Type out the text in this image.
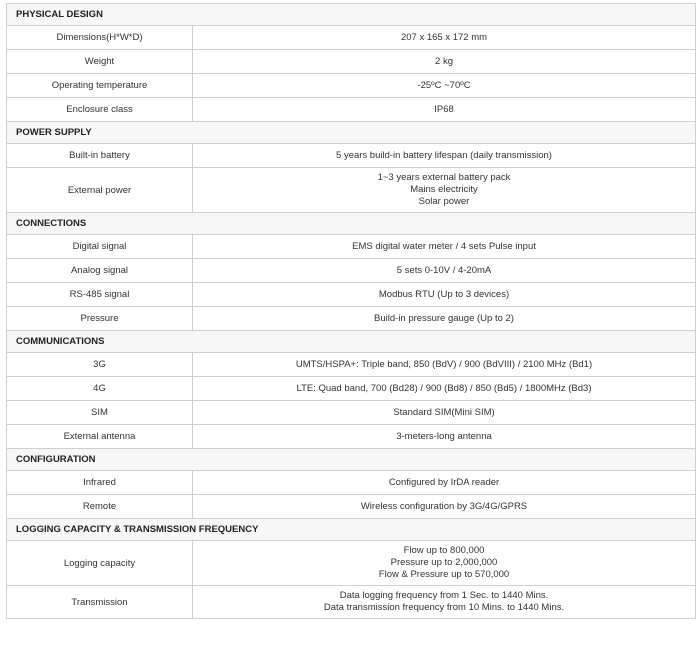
PHYSICAL DESIGN	
Dimensions(H*W*D)	207 x 165 x 172 mm

Weight	2 kg

Operating temperature	-25ºC ~70ºC

Enclosure class	IP68

POWER SUPPLY	
Built-in battery	5 years build-in battery lifespan (daily transmission)

External power	1~3 years external battery pack
Mains electricity
Solar power

CONNECTIONS	
Digital signal	EMS digital water meter / 4 sets Pulse input

Analog signal	5 sets 0-10V / 4-20mA

RS-485 signal	Modbus RTU (Up to 3 devices)

Pressure	Build-in pressure gauge (Up to 2)

COMMUNICATIONS	
3G	UMTS/HSPA+: Triple band, 850 (BdV) / 900 (BdVIII) / 2100 MHz (Bd1)

4G	LTE: Quad band, 700 (Bd28) / 900 (Bd8) / 850 (Bd5) / 1800MHz (Bd3)

SIM	Standard SIM(Mini SIM)

External antenna	3-meters-long antenna

CONFIGURATION	
Infrared	Configured by IrDA reader

Remote	Wireless configuration by 3G/4G/GPRS

LOGGING CAPACITY & TRANSMISSION FREQUENCY	
Logging capacity	Flow up to 800,000
Pressure up to 2,000,000
Flow & Pressure up to 570,000

Transmission	Data logging frequency from 1 Sec. to 1440 Mins.
Data transmission frequency from 10 Mins. to 1440 Mins.
